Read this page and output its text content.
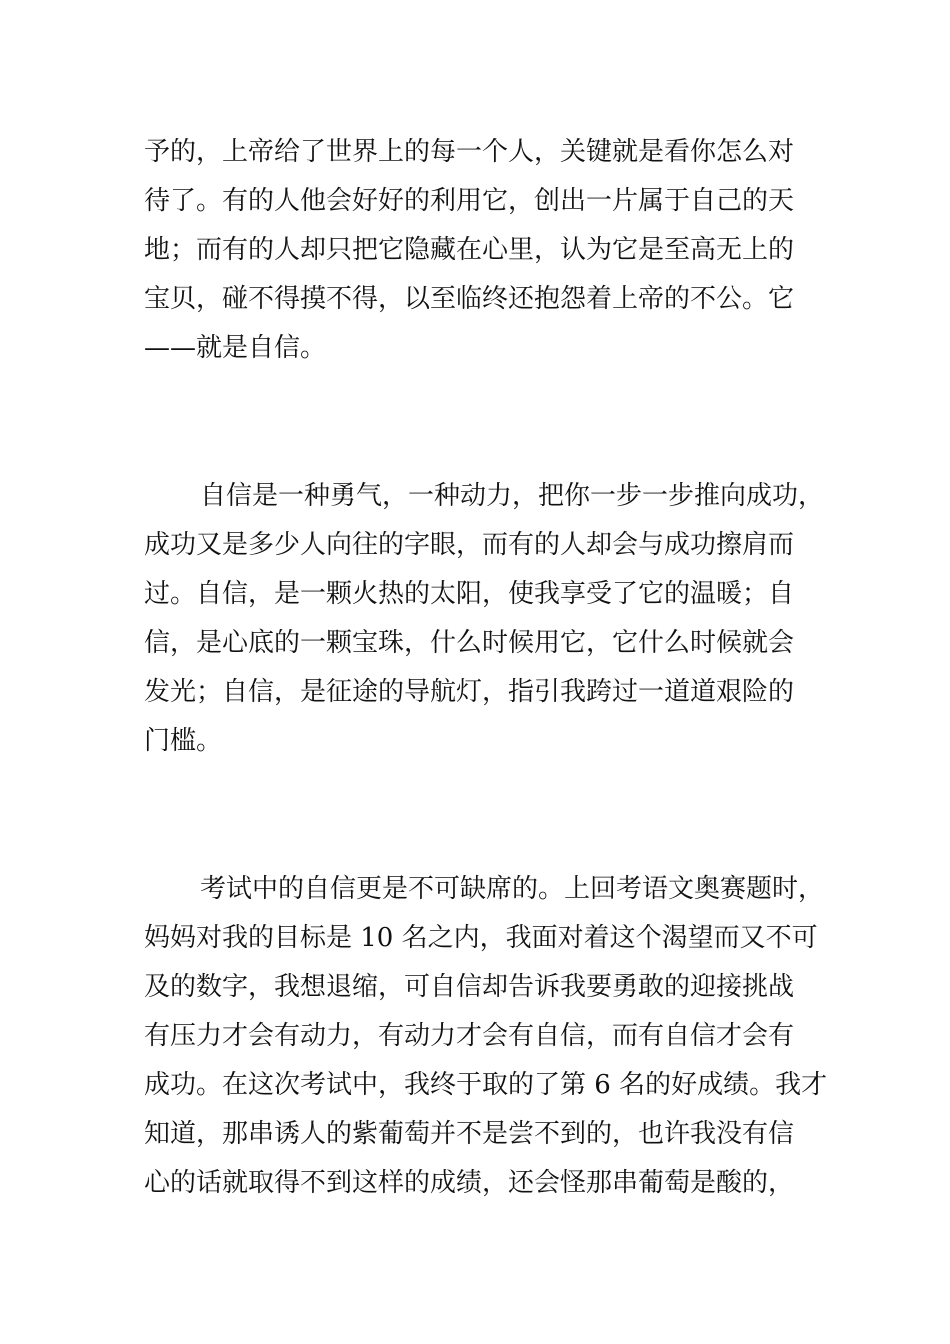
予的，上帝给了世界上的每一个人，关键就是看你怎么对
待了。有的人他会好好的利用它，创出一片属于自己的天
地；而有的人却只把它隐藏在心里，认为它是至高无上的
宝贝，碰不得摸不得，以至临终还抱怨着上帝的不公。它
——就是自信。
自信是一种勇气，一种动力，把你一步一步推向成功，
成功又是多少人向往的字眼，而有的人却会与成功擦肩而
过。自信，是一颗火热的太阳，使我享受了它的温暖；自
信，是心底的一颗宝珠，什么时候用它，它什么时候就会
发光；自信，是征途的导航灯，指引我跨过一道道艰险的
门槛。
考试中的自信更是不可缺席的。上回考语文奥赛题时，
妈妈对我的目标是 10 名之内，我面对着这个渴望而又不可
及的数字，我想退缩，可自信却告诉我要勇敢的迎接挑战
有压力才会有动力，有动力才会有自信，而有自信才会有
成功。在这次考试中，我终于取的了第 6 名的好成绩。我才
知道，那串诱人的紫葡萄并不是尝不到的，也许我没有信
心的话就取得不到这样的成绩，还会怪那串葡萄是酸的，
